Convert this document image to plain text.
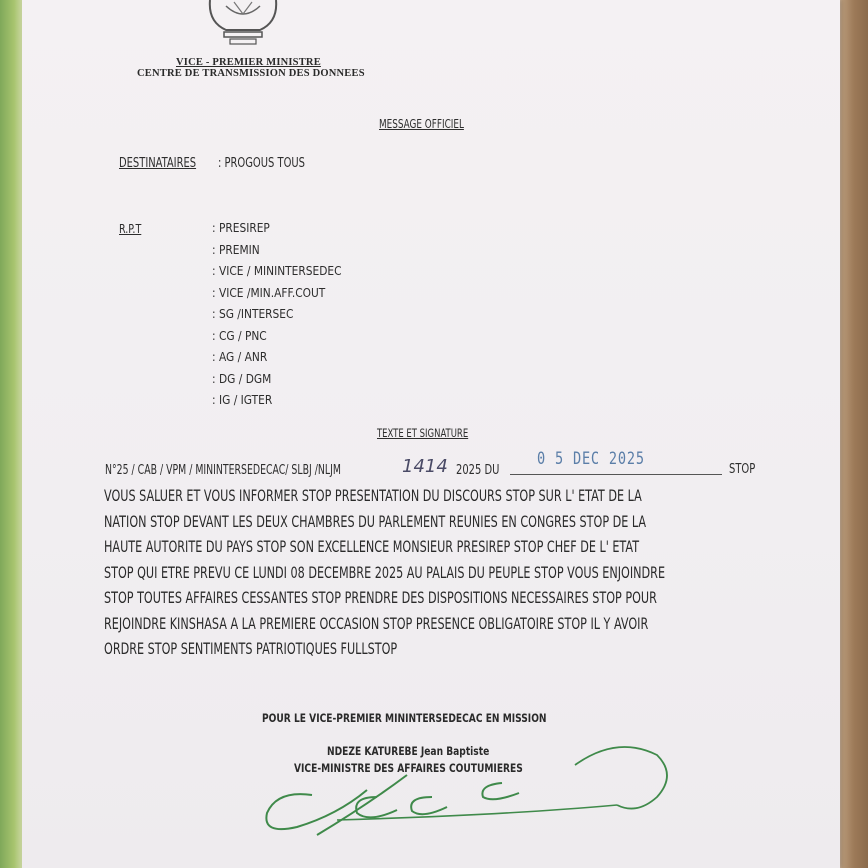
VICE - PREMIER MINISTRE
CENTRE DE TRANSMISSION DES DONNEES
MESSAGE OFFICIEL
DESTINATAIRES : PROGOUS TOUS
R.P.T	: PRESIREP
: PREMIN
: VICE / MININTERSEDEC
: VICE /MIN.AFF.COUT
: SG /INTERSEC
: CG / PNC
: AG / ANR
: DG / DGM
: IG / IGTER
TEXTE ET SIGNATURE
N°25 / CAB / VPM / MININTERSEDECAC/ SLBJ /NLJM	1414 2025 DU
0 5 DEC 2025
STOP
VOUS SALUER ET VOUS INFORMER STOP PRESENTATION DU DISCOURS STOP SUR L' ETAT DE LA
NATION STOP DEVANT LES DEUX CHAMBRES DU PARLEMENT REUNIES EN CONGRES STOP DE LA
HAUTE AUTORITE DU PAYS STOP SON EXCELLENCE MONSIEUR PRESIREP STOP CHEF DE L' ETAT
STOP QUI ETRE PREVU CE LUNDI 08 DECEMBRE 2025 AU PALAIS DU PEUPLE STOP VOUS ENJOINDRE
STOP TOUTES AFFAIRES CESSANTES STOP PRENDRE DES DISPOSITIONS NECESSAIRES STOP POUR
REJOINDRE KINSHASA A LA PREMIERE OCCASION STOP PRESENCE OBLIGATOIRE STOP IL Y AVOIR
ORDRE STOP SENTIMENTS PATRIOTIQUES FULLSTOP
POUR LE VICE-PREMIER MININTERSEDECAC EN MISSION
NDEZE KATUREBE Jean Baptiste
VICE-MINISTRE DES AFFAIRES COUTUMIERES
